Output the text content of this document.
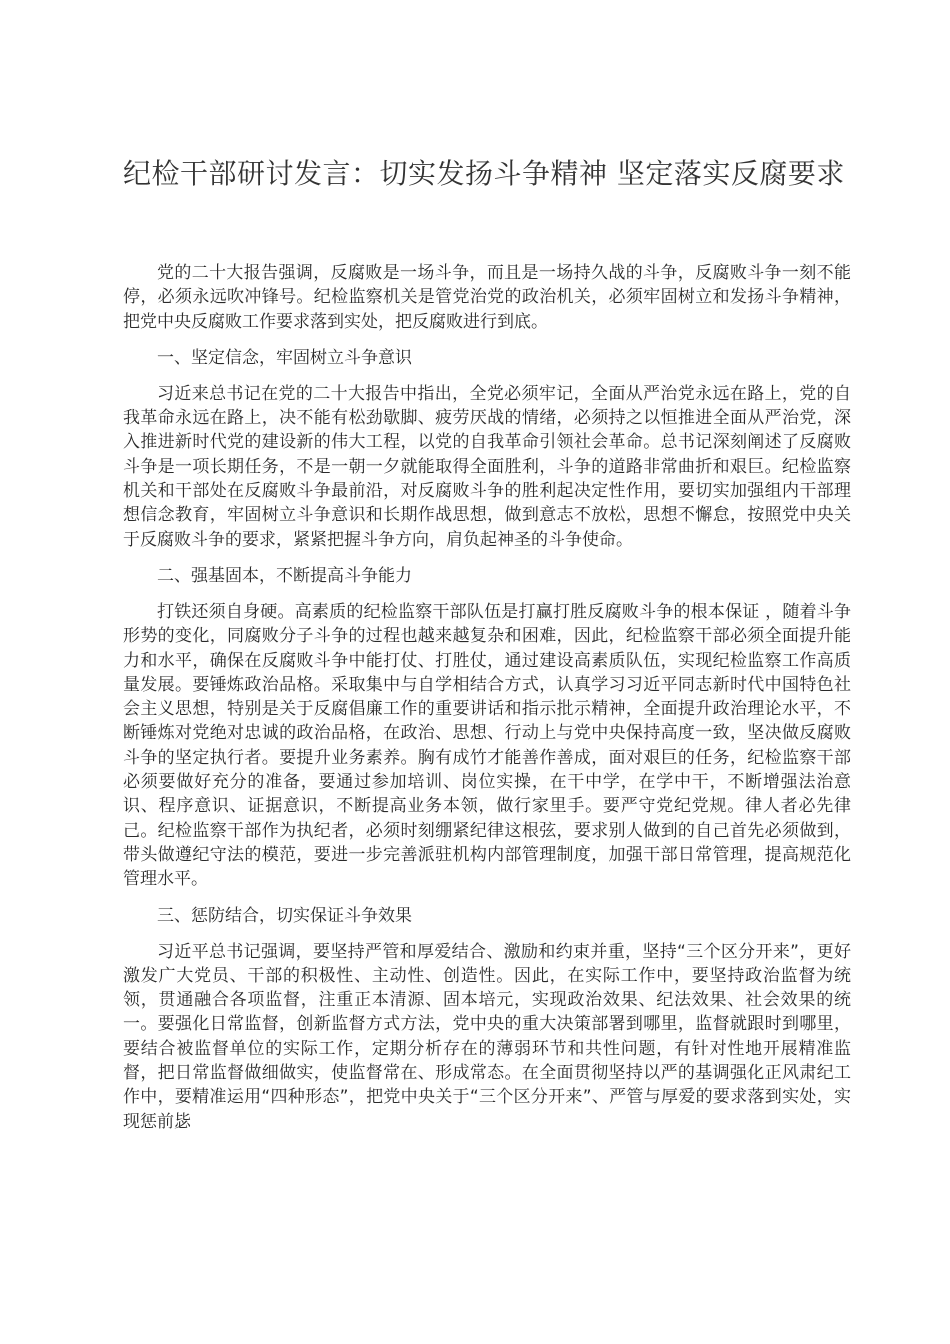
纪检干部研讨发言：切实发扬斗争精神 坚定落实反腐要求

党的二十大报告强调，反腐败是一场斗争，而且是一场持久战的斗争，反腐败斗争一刻不能停，必须永远吹冲锋号。纪检监察机关是管党治党的政治机关，必须牢固树立和发扬斗争精神，把党中央反腐败工作要求落到实处，把反腐败进行到底。

一、坚定信念，牢固树立斗争意识

习近来总书记在党的二十大报告中指出，全党必须牢记，全面从严治党永远在路上，党的自我革命永远在路上，决不能有松劲歇脚、疲劳厌战的情绪，必须持之以恒推进全面从严治党，深入推进新时代党的建设新的伟大工程，以党的自我革命引领社会革命。总书记深刻阐述了反腐败斗争是一项长期任务，不是一朝一夕就能取得全面胜利，斗争的道路非常曲折和艰巨。纪检监察机关和干部处在反腐败斗争最前沿，对反腐败斗争的胜利起决定性作用，要切实加强组内干部理想信念教育，牢固树立斗争意识和长期作战思想，做到意志不放松，思想不懈怠，按照党中央关于反腐败斗争的要求，紧紧把握斗争方向，肩负起神圣的斗争使命。

二、强基固本，不断提高斗争能力

打铁还须自身硬。高素质的纪检监察干部队伍是打赢打胜反腐败斗争的根本保证 ，随着斗争形势的变化，同腐败分子斗争的过程也越来越复杂和困难，因此，纪检监察干部必须全面提升能力和水平，确保在反腐败斗争中能打仗、打胜仗，通过建设高素质队伍，实现纪检监察工作高质量发展。要锤炼政治品格。采取集中与自学相结合方式，认真学习习近平同志新时代中国特色社会主义思想，特别是关于反腐倡廉工作的重要讲话和指示批示精神，全面提升政治理论水平，不断锤炼对党绝对忠诚的政治品格，在政治、思想、行动上与党中央保持高度一致，坚决做反腐败斗争的坚定执行者。要提升业务素养。胸有成竹才能善作善成，面对艰巨的任务，纪检监察干部必须要做好充分的准备，要通过参加培训、岗位实操，在干中学，在学中干，不断增强法治意识、程序意识、证据意识，不断提高业务本领，做行家里手。要严守党纪党规。律人者必先律己。纪检监察干部作为执纪者，必须时刻绷紧纪律这根弦，要求别人做到的自己首先必须做到，带头做遵纪守法的模范，要进一步完善派驻机构内部管理制度，加强干部日常管理，提高规范化管理水平。

三、惩防结合，切实保证斗争效果

习近平总书记强调，要坚持严管和厚爱结合、激励和约束并重，坚持“三个区分开来”，更好激发广大党员、干部的积极性、主动性、创造性。因此，在实际工作中，要坚持政治监督为统领，贯通融合各项监督，注重正本清源、固本培元，实现政治效果、纪法效果、社会效果的统一。要强化日常监督，创新监督方式方法，党中央的重大决策部署到哪里，监督就跟时到哪里，要结合被监督单位的实际工作，定期分析存在的薄弱环节和共性问题，有针对性地开展精准监督，把日常监督做细做实，使监督常在、形成常态。在全面贯彻坚持以严的基调强化正风肃纪工作中，要精准运用“四种形态”，把党中央关于“三个区分开来”、严管与厚爱的要求落到实处，实现惩前毖
